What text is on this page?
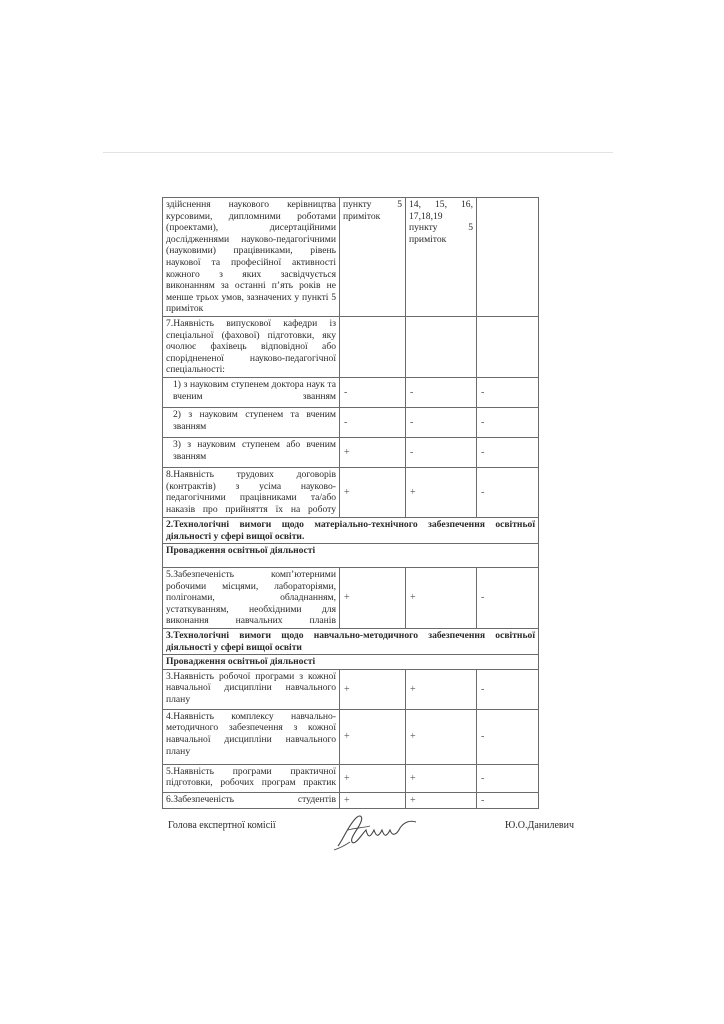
здійснення наукового керівництва курсовими, дипломними роботами (проектами), дисертаційними дослідженнями науково-педагогічними (науковими) працівниками, рівень наукової та професійної активності кожного з яких засвідчується виконанням за останні п’ять років не менше трьох умов, зазначених у пункті 5 приміток	пункту 5 приміток	14, 15, 16, 17,18,19 пункту 5 приміток	
7.Наявність випускової кафедри із спеціальної (фахової) підготовки, яку очолює фахівець відповідної або споріднененої науково-педагогічної спеціальності:			
1) з науковим ступенем доктора наук та вченим званням	-	-	-
2) з науковим ступенем та вченим званням	-	-	-
3) з науковим ступенем або вченим званням	+	-	-
8.Наявність трудових договорів (контрактів) з усіма науково-педагогічними працівниками та/або наказів про прийняття їх на роботу	+	+	-
2.Технологічні вимоги щодо матеріально-технічного забезпечення освітньої діяльності у сфері вищої освіти.			
Провадження освітньої діяльності			
5.Забезпеченість комп’ютерними робочими місцями, лабораторіями, полігонами, обладнанням, устаткуванням, необхідними для виконання навчальних планів	+	+	-
3.Технологічні вимоги щодо навчально-методичного забезпечення освітньої діяльності у сфері вищої освіти			
Провадження освітньої діяльності			
3.Наявність робочої програми з кожної навчальної дисципліни навчального плану	+	+	-
4.Наявність комплексу навчально-методичного забезпечення з кожної навчальної дисципліни навчального плану	+	+	-
5.Наявність програми практичної підготовки, робочих програм практик	+	+	-
6.Забезпеченість студентів	+	+	-
Голова експертної комісії	Ю.О.Данилевич
